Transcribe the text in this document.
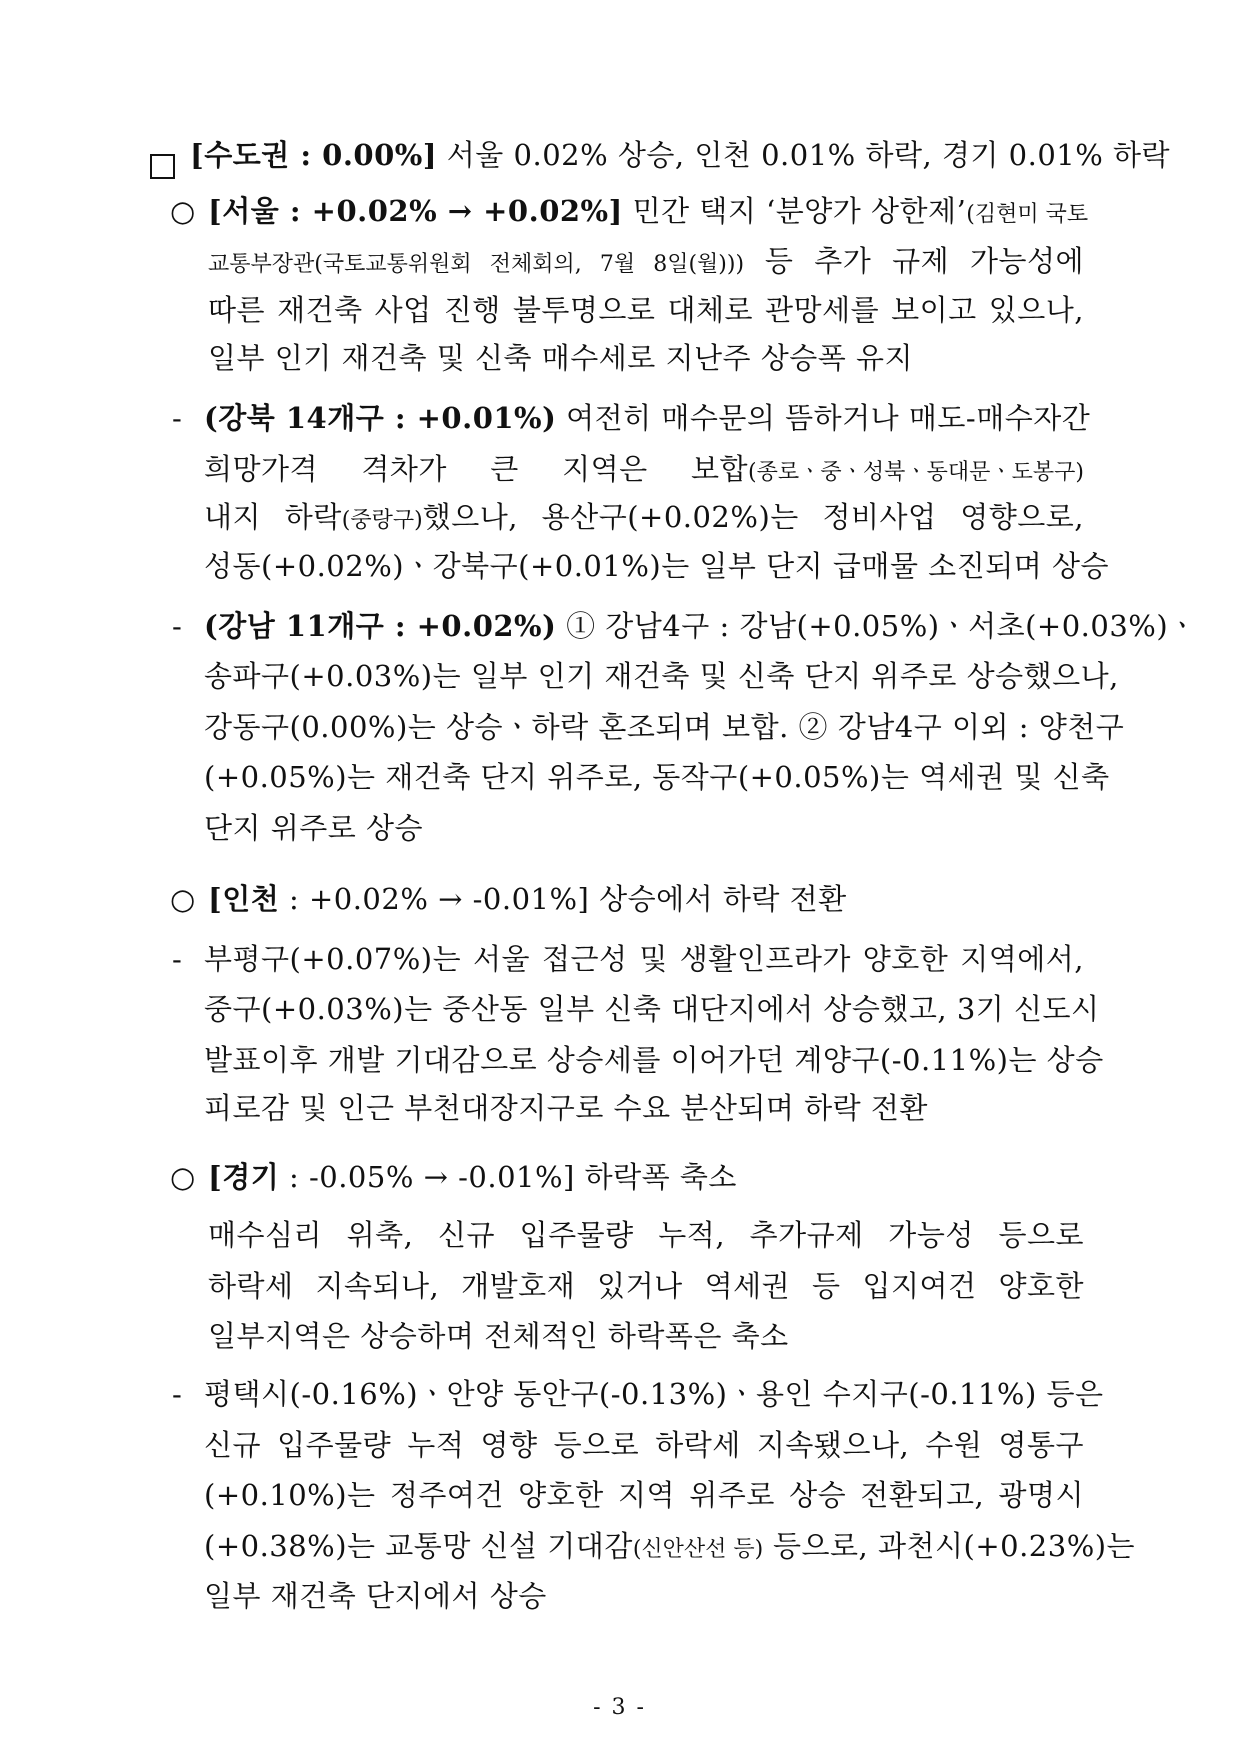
[수도권 : 0.00%] 서울 0.02% 상승, 인천 0.01% 하락, 경기 0.01% 하락
○ [서울 : +0.02% → +0.02%] 민간 택지 ‘분양가 상한제’(김현미 국토
교통부장관(국토교통위원회 전체회의, 7월 8일(월))) 등 추가 규제 가능성에
따른 재건축 사업 진행 불투명으로 대체로 관망세를 보이고 있으나,
일부 인기 재건축 및 신축 매수세로 지난주 상승폭 유지
- (강북 14개구 : +0.01%) 여전히 매수문의 뜸하거나 매도-매수자간
희망가격 격차가 큰 지역은 보합(종로ㆍ중ㆍ성북ㆍ동대문ㆍ도봉구)
내지 하락(중랑구)했으나, 용산구(+0.02%)는 정비사업 영향으로,
성동(+0.02%)ㆍ강북구(+0.01%)는 일부 단지 급매물 소진되며 상승
- (강남 11개구 : +0.02%) ① 강남4구 : 강남(+0.05%)ㆍ서초(+0.03%)ㆍ
송파구(+0.03%)는 일부 인기 재건축 및 신축 단지 위주로 상승했으나,
강동구(0.00%)는 상승ㆍ하락 혼조되며 보합. ② 강남4구 이외 : 양천구
(+0.05%)는 재건축 단지 위주로, 동작구(+0.05%)는 역세권 및 신축
단지 위주로 상승
○ [인천 : +0.02% → -0.01%] 상승에서 하락 전환
- 부평구(+0.07%)는 서울 접근성 및 생활인프라가 양호한 지역에서,
중구(+0.03%)는 중산동 일부 신축 대단지에서 상승했고, 3기 신도시
발표이후 개발 기대감으로 상승세를 이어가던 계양구(-0.11%)는 상승
피로감 및 인근 부천대장지구로 수요 분산되며 하락 전환
○ [경기 : -0.05% → -0.01%] 하락폭 축소
매수심리 위축, 신규 입주물량 누적, 추가규제 가능성 등으로
하락세 지속되나, 개발호재 있거나 역세권 등 입지여건 양호한
일부지역은 상승하며 전체적인 하락폭은 축소
- 평택시(-0.16%)ㆍ안양 동안구(-0.13%)ㆍ용인 수지구(-0.11%) 등은
신규 입주물량 누적 영향 등으로 하락세 지속됐으나, 수원 영통구
(+0.10%)는 정주여건 양호한 지역 위주로 상승 전환되고, 광명시
(+0.38%)는 교통망 신설 기대감(신안산선 등) 등으로, 과천시(+0.23%)는
일부 재건축 단지에서 상승
- 3 -
